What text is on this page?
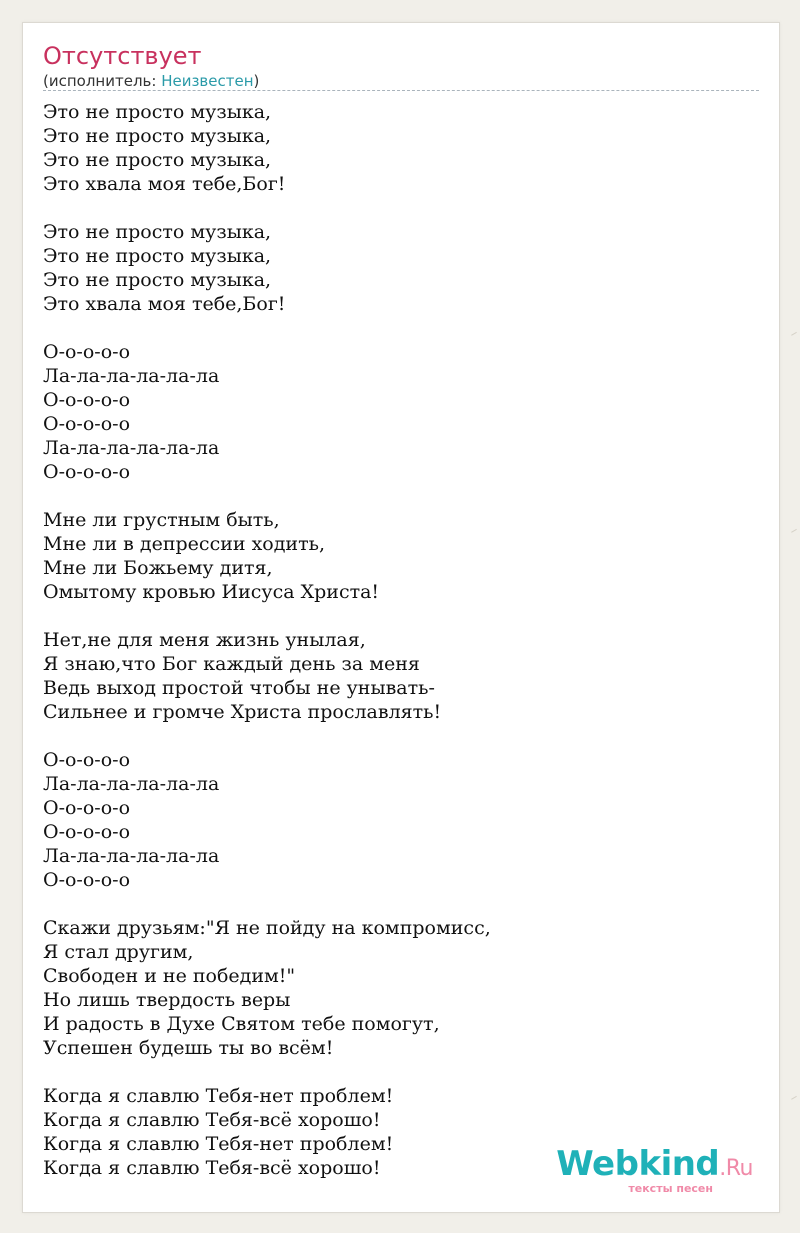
Отсутствует
(исполнитель: Неизвестен)
Это не просто музыка,
Это не просто музыка,
Это не просто музыка,
Это хвала моя тебе,Бог!

Это не просто музыка,
Это не просто музыка,
Это не просто музыка,
Это хвала моя тебе,Бог!

О-о-о-о-о
Ла-ла-ла-ла-ла-ла
О-о-о-о-о
О-о-о-о-о
Ла-ла-ла-ла-ла-ла
О-о-о-о-о

Мне ли грустным быть,
Мне ли в депрессии ходить,
Мне ли Божьему дитя,
Омытому кровью Иисуса Христа!

Нет,не для меня жизнь унылая,
Я знаю,что Бог каждый день за меня
Ведь выход простой чтобы не унывать-
Сильнее и громче Христа прославлять!

О-о-о-о-о
Ла-ла-ла-ла-ла-ла
О-о-о-о-о
О-о-о-о-о
Ла-ла-ла-ла-ла-ла
О-о-о-о-о

Скажи друзьям:"Я не пойду на компромисс,
Я стал другим,
Свободен и не победим!"
Но лишь твердость веры
И радость в Духе Святом тебе помогут,
Успешен будешь ты во всём!

Когда я славлю Тебя-нет проблем!
Когда я славлю Тебя-всё хорошо!
Когда я славлю Тебя-нет проблем!
Когда я славлю Тебя-всё хорошо!	Webkind.Ru
тексты песен
